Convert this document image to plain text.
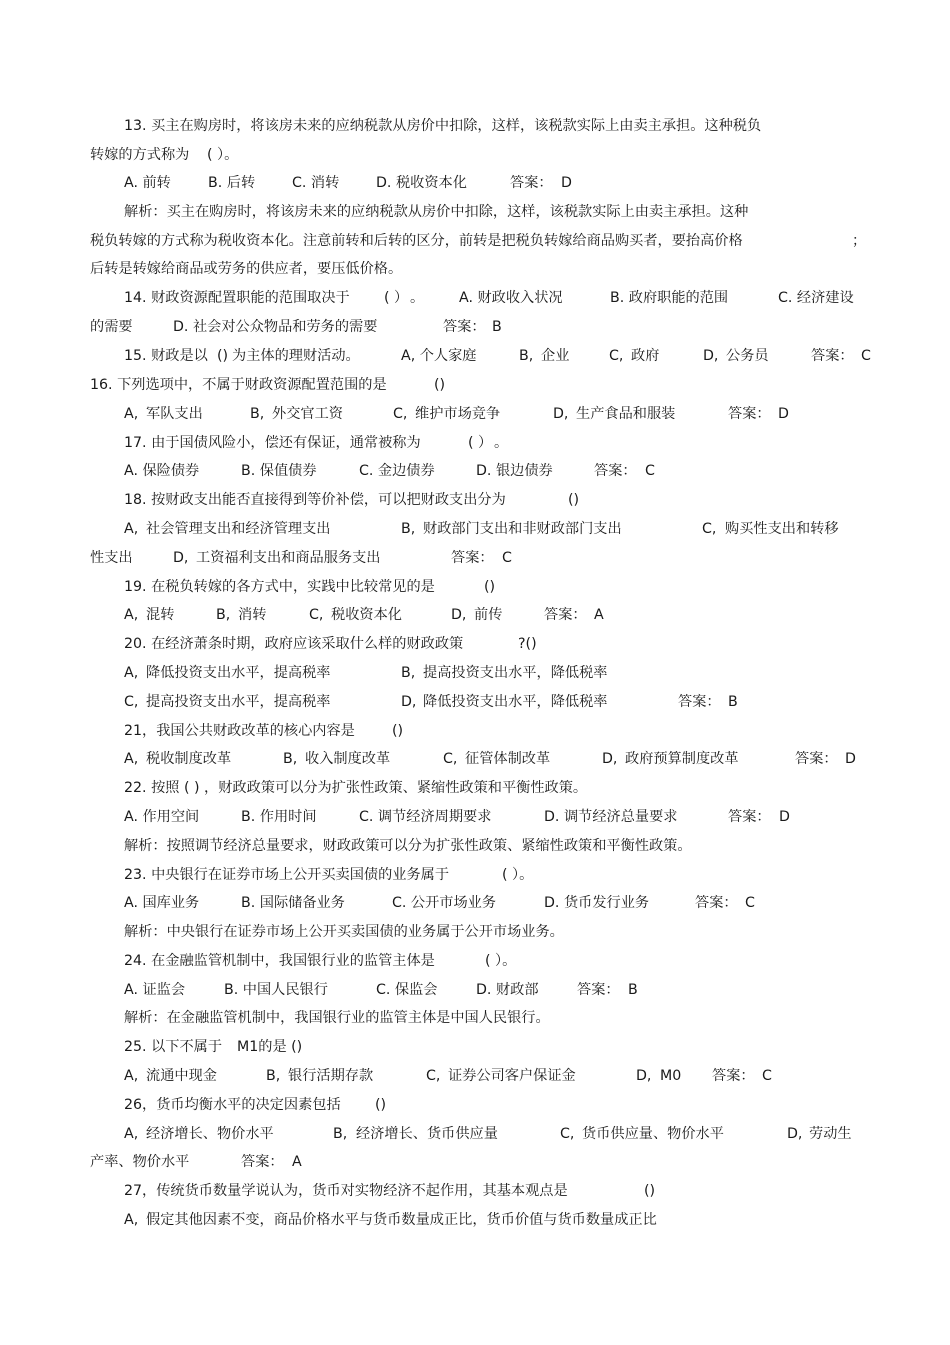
13. 买主在购房时，将该房未来的应纳税款从房价中扣除，这样，该税款实际上由卖主承担。这种税负
转嫁的方式称为 ( ）。
A. 前转	B. 后转	C. 消转	D. 税收资本化	答案： D
解析：买主在购房时，将该房未来的应纳税款从房价中扣除，这样，该税款实际上由卖主承担。这种
税负转嫁的方式称为税收资本化。注意前转和后转的区分，前转是把税负转嫁给商品购买者，要抬高价格	；
后转是转嫁给商品或劳务的供应者，要压低价格。
14. 财政资源配置职能的范围取决于 ( ） 。 A. 财政收入状况	B. 政府职能的范围	C. 经济建设
的需要	D. 社会对公众物品和劳务的需要	答案： B
15. 财政是以 () 为主体的理财活动。	A, 个人家庭	B, 企业	C, 政府	D, 公务员	答案： C
16. 下列选项中，不属于财政资源配置范围的是	()
A, 军队支出	B, 外交官工资	C, 维护市场竞争	D, 生产食品和服装	答案： D
17. 由于国债风险小，偿还有保证，通常被称为	( ） 。
A. 保险债券	B. 保值债券	C. 金边债券	D. 银边债券	答案： C
18. 按财政支出能否直接得到等价补偿，可以把财政支出分为	()
A, 社会管理支出和经济管理支出	B, 财政部门支出和非财政部门支出	C, 购买性支出和转移
性支出	D, 工资福利支出和商品服务支出	答案： C
19. 在税负转嫁的各方式中，实践中比较常见的是	()
A, 混转	B, 消转	C, 税收资本化	D, 前传	答案： A
20. 在经济萧条时期，政府应该采取什么样的财政政策	?()
A, 降低投资支出水平，提高税率	B, 提高投资支出水平，降低税率
C, 提高投资支出水平，提高税率	D, 降低投资支出水平，降低税率	答案： B
21，我国公共财政改革的核心内容是	()
A, 税收制度改革	B, 收入制度改革	C, 征管体制改革	D, 政府预算制度改革	答案： D
22. 按照 ( ) ，财政政策可以分为扩张性政策、紧缩性政策和平衡性政策。
A. 作用空间	B. 作用时间	C. 调节经济周期要求	D. 调节经济总量要求	答案： D
解析：按照调节经济总量要求，财政政策可以分为扩张性政策、紧缩性政策和平衡性政策。
23. 中央银行在证券市场上公开买卖国债的业务属于	( ）。
A. 国库业务	B. 国际储备业务	C. 公开市场业务	D. 货币发行业务	答案： C
解析：中央银行在证券市场上公开买卖国债的业务属于公开市场业务。
24. 在金融监管机制中，我国银行业的监管主体是	( ）。
A. 证监会	B. 中国人民银行	C. 保监会	D. 财政部	答案： B
解析：在金融监管机制中，我国银行业的监管主体是中国人民银行。
25. 以下不属于 M1的是 ()
A, 流通中现金	B, 银行活期存款	C, 证券公司客户保证金	D, M0 答案： C
26，货币均衡水平的决定因素包括 ()
A, 经济增长、物价水平	B, 经济增长、货币供应量	C, 货币供应量、物价水平	D, 劳动生
产率、物价水平	答案： A
27，传统货币数量学说认为，货币对实物经济不起作用，其基本观点是	()
A, 假定其他因素不变，商品价格水平与货币数量成正比，货币价值与货币数量成正比
